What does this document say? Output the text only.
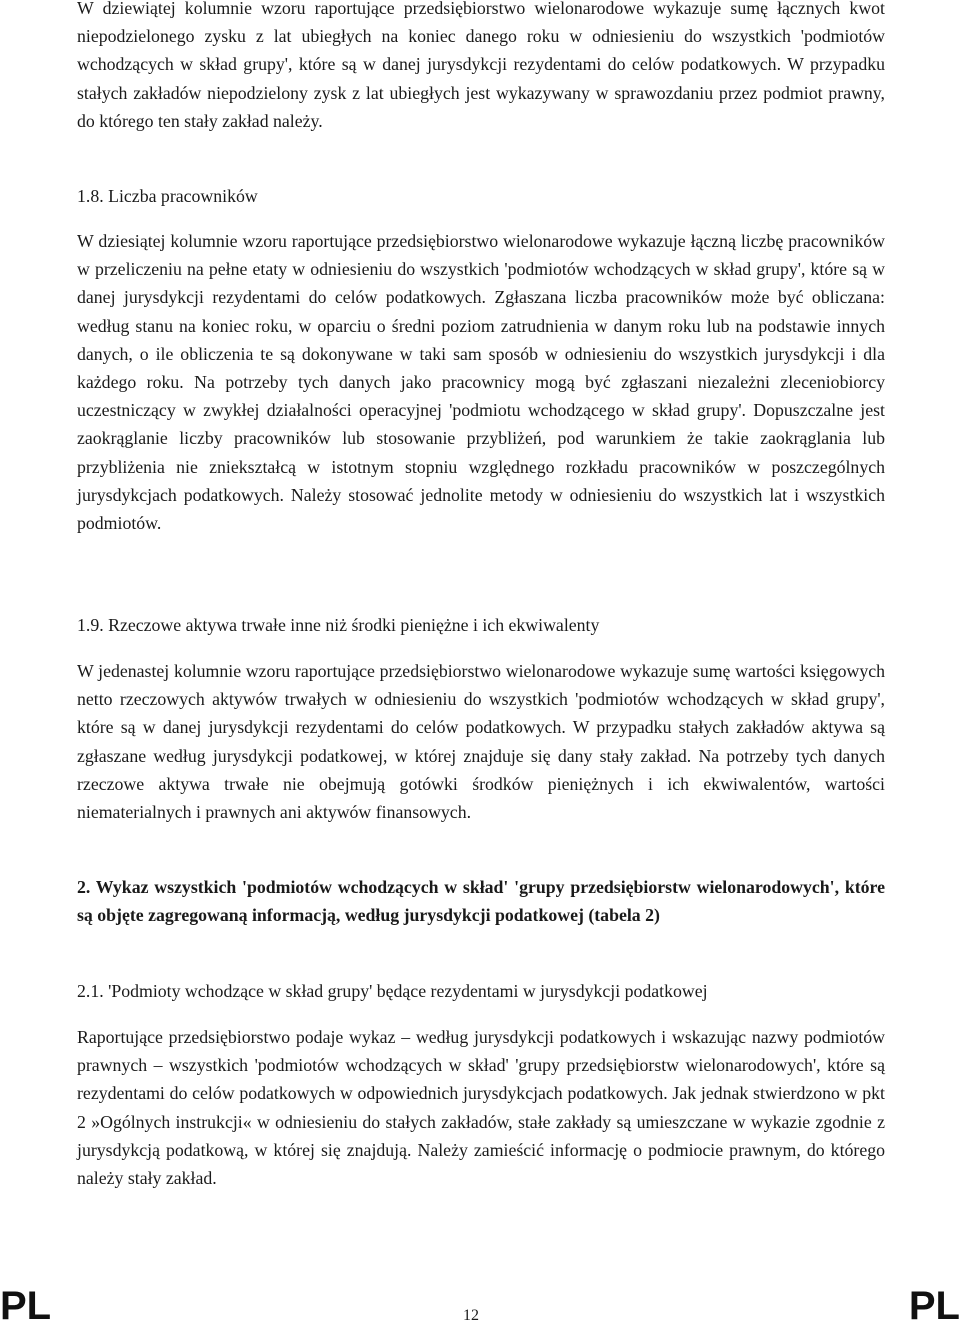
W dziewiątej kolumnie wzoru raportujące przedsiębiorstwo wielonarodowe wykazuje sumę łącznych kwot niepodzielonego zysku z lat ubiegłych na koniec danego roku w odniesieniu do wszystkich 'podmiotów wchodzących w skład grupy', które są w danej jurysdykcji rezydentami do celów podatkowych. W przypadku stałych zakładów niepodzielony zysk z lat ubiegłych jest wykazywany w sprawozdaniu przez podmiot prawny, do którego ten stały zakład należy.

1.8. Liczba pracowników

W dziesiątej kolumnie wzoru raportujące przedsiębiorstwo wielonarodowe wykazuje łączną liczbę pracowników w przeliczeniu na pełne etaty w odniesieniu do wszystkich 'podmiotów wchodzących w skład grupy', które są w danej jurysdykcji rezydentami do celów podatkowych. Zgłaszana liczba pracowników może być obliczana: według stanu na koniec roku, w oparciu o średni poziom zatrudnienia w danym roku lub na podstawie innych danych, o ile obliczenia te są dokonywane w taki sam sposób w odniesieniu do wszystkich jurysdykcji i dla każdego roku. Na potrzeby tych danych jako pracownicy mogą być zgłaszani niezależni zleceniobiorcy uczestniczący w zwykłej działalności operacyjnej 'podmiotu wchodzącego w skład grupy'. Dopuszczalne jest zaokrąglanie liczby pracowników lub stosowanie przybliżeń, pod warunkiem że takie zaokrąglania lub przybliżenia nie zniekształcą w istotnym stopniu względnego rozkładu pracowników w poszczególnych jurysdykcjach podatkowych. Należy stosować jednolite metody w odniesieniu do wszystkich lat i wszystkich podmiotów.

1.9. Rzeczowe aktywa trwałe inne niż środki pieniężne i ich ekwiwalenty

W jedenastej kolumnie wzoru raportujące przedsiębiorstwo wielonarodowe wykazuje sumę wartości księgowych netto rzeczowych aktywów trwałych w odniesieniu do wszystkich 'podmiotów wchodzących w skład grupy', które są w danej jurysdykcji rezydentami do celów podatkowych. W przypadku stałych zakładów aktywa są zgłaszane według jurysdykcji podatkowej, w której znajduje się dany stały zakład. Na potrzeby tych danych rzeczowe aktywa trwałe nie obejmują gotówki środków pieniężnych i ich ekwiwalentów, wartości niematerialnych i prawnych ani aktywów finansowych.

2. Wykaz wszystkich 'podmiotów wchodzących w skład' 'grupy przedsiębiorstw wielonarodowych', które są objęte zagregowaną informacją, według jurysdykcji podatkowej (tabela 2)

2.1. 'Podmioty wchodzące w skład grupy' będące rezydentami w jurysdykcji podatkowej

Raportujące przedsiębiorstwo podaje wykaz – według jurysdykcji podatkowych i wskazując nazwy podmiotów prawnych – wszystkich 'podmiotów wchodzących w skład' 'grupy przedsiębiorstw wielonarodowych', które są rezydentami do celów podatkowych w odpowiednich jurysdykcjach podatkowych. Jak jednak stwierdzono w pkt 2 »Ogólnych instrukcji« w odniesieniu do stałych zakładów, stałe zakłady są umieszczane w wykazie zgodnie z jurysdykcją podatkową, w której się znajdują. Należy zamieścić informację o podmiocie prawnym, do którego należy stały zakład.

PL	12	PL
